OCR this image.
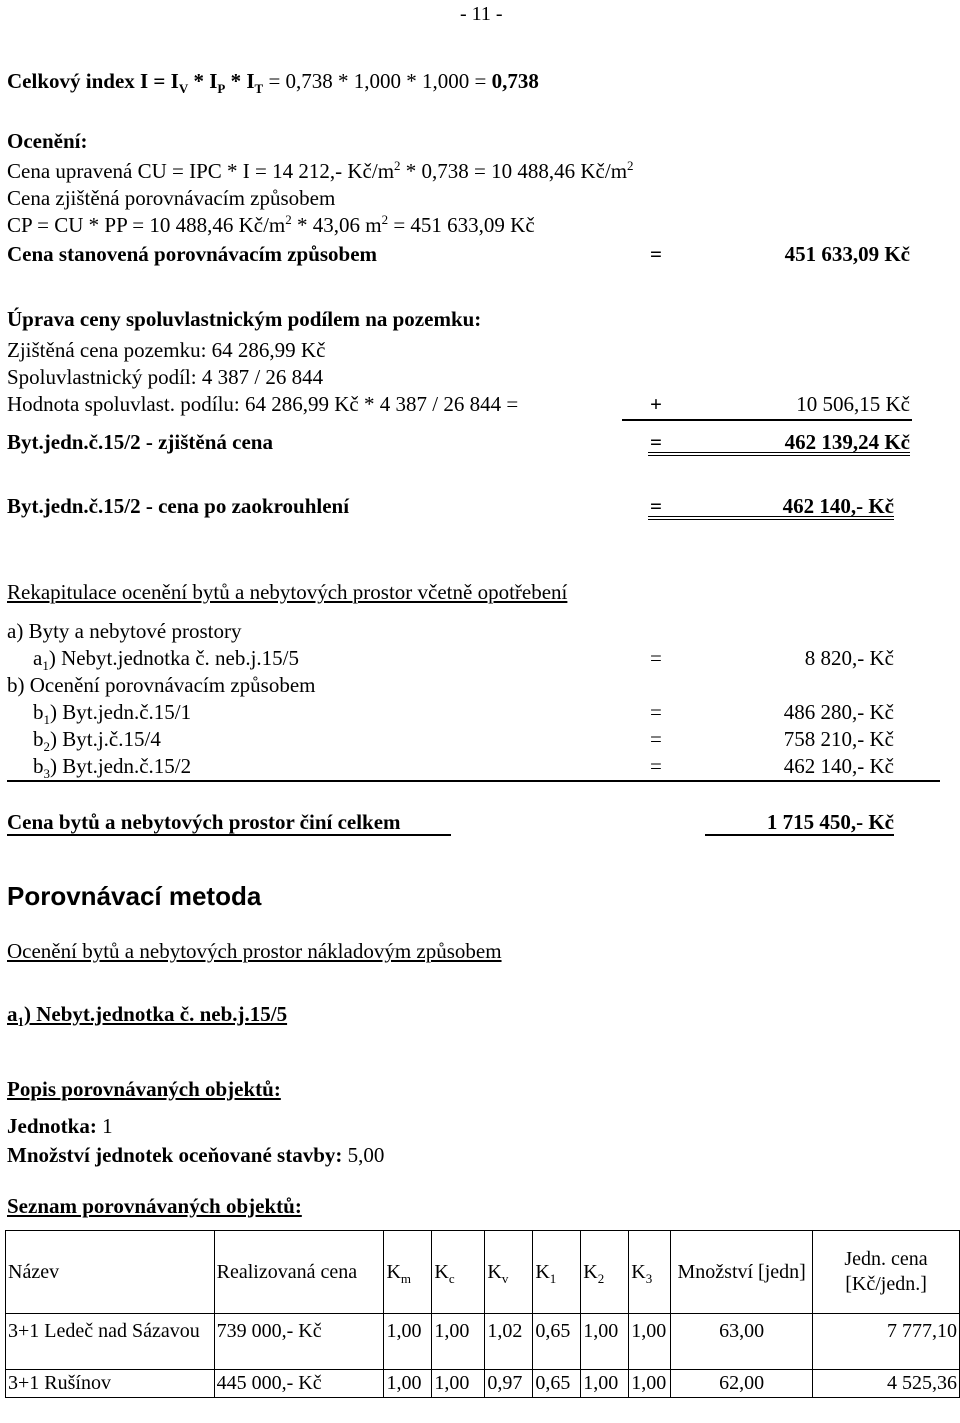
- 11 -
Celkový index $I = I_V * I_P * I_T = 0,738 * 1,000 * 1,000 = 0,738$
Ocenění:
Cena upravená CU = IPC * I = 14 212,- $Kč/m^2 * 0,738 = 10$ 488,46 $Kč/m^2$
Cena zjištěná porovnávacím způsobem
CP = CU * PP = 10 488,46 $Kč/m^2 * 43,06$ $m^2 = 451$ 633,09 Kč
Cena stanovená porovnávacím způsobem	=	451 633,09 Kč
Úprava ceny spoluvlastnickým podílem na pozemku:
Zjištěná cena pozemku: 64 286,99 Kč
Spoluvlastnický podíl: 4 387 / 26 844
Hodnota spoluvlast. podílu: 64 286,99 Kč * 4 387 / 26 844 =	+	10 506,15 Kč
Byt.jedn.č.15/2 - zjištěná cena	=	462 139,24 Kč
Byt.jedn.č.15/2 - cena po zaokrouhlení	=	462 140,- Kč
Rekapitulace ocenění bytů a nebytových prostor včetně opotřebení
a) Byty a nebytové prostory
$a_1$) Nebyt.jednotka č. neb.j.15/5	=	8 820,- Kč
b) Ocenění porovnávacím způsobem
$b_1$) Byt.jedn.č.15/1	=	486 280,- Kč
$b_2$) Byt.j.č.15/4	=	758 210,- Kč
$b_3$) Byt.jedn.č.15/2	=	462 140,- Kč
Cena bytů a nebytových prostor činí celkem	1 715 450,- Kč
Porovnávací metoda
Ocenění bytů a nebytových prostor nákladovým způsobem
$a_1$) Nebyt.jednotka č. neb.j.15/5
Popis porovnávaných objektů:
Jednotka: 1
Množství jednotek oceňované stavby: 5,00
Seznam porovnávaných objektů:
Název	Realizovaná cena	$K_m$	$K_c$	$K_v$	$K_1$	$K_2$	$K_3$	Množství [jedn]	Jedn. cena [Kč/jedn.]
3+1 Ledeč nad Sázavou	739 000,- Kč	1,00	1,00	1,02	0,65	1,00	1,00	63,00	7 777,10
3+1 Rušínov	445 000,- Kč	1,00	1,00	0,97	0,65	1,00	1,00	62,00	4 525,36
